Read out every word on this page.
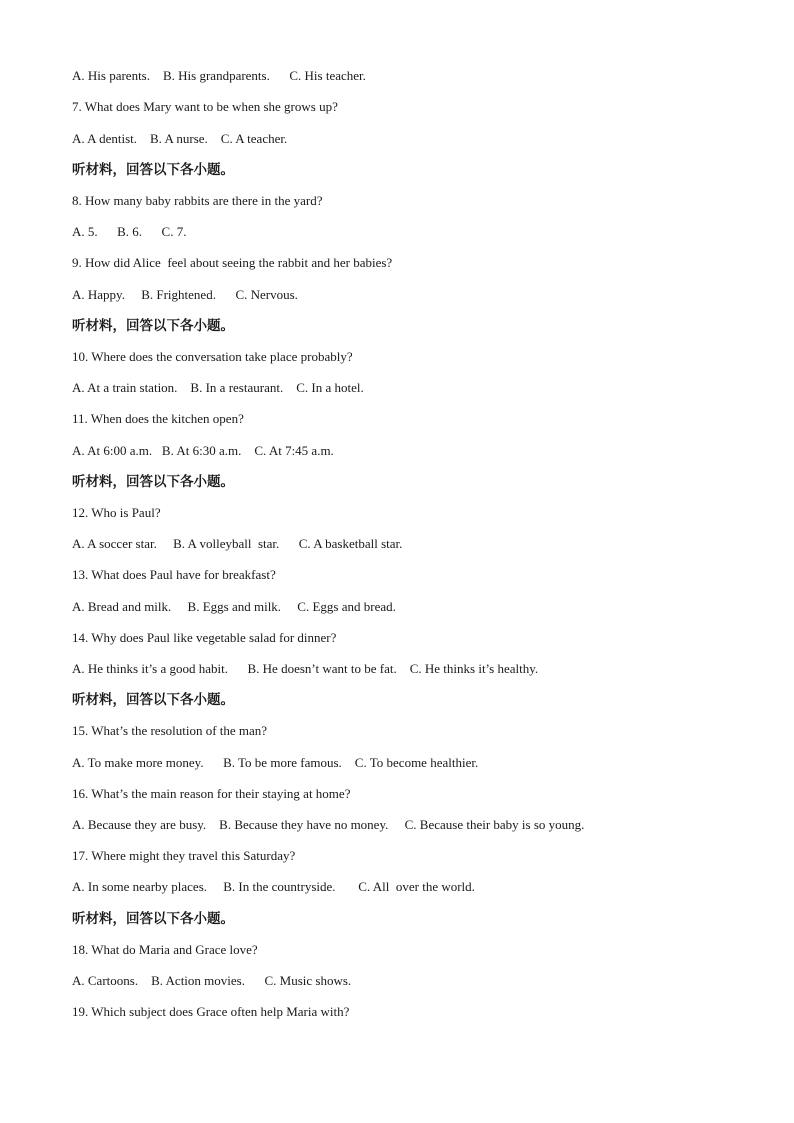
A. His parents.    B. His grandparents.      C. His teacher.
7. What does Mary want to be when she grows up?
A. A dentist.    B. A nurse.    C. A teacher.
听材料，回答以下各小题。
8. How many baby rabbits are there in the yard?
A. 5.      B. 6.      C. 7.
9. How did Alice  feel about seeing the rabbit and her babies?
A. Happy.     B. Frightened.      C. Nervous.
听材料，回答以下各小题。
10. Where does the conversation take place probably?
A. At a train station.    B. In a restaurant.    C. In a hotel.
11. When does the kitchen open?
A. At 6:00 a.m.   B. At 6:30 a.m.    C. At 7:45 a.m.
听材料，回答以下各小题。
12. Who is Paul?
A. A soccer star.     B. A volleyball  star.      C. A basketball star.
13. What does Paul have for breakfast?
A. Bread and milk.     B. Eggs and milk.     C. Eggs and bread.
14. Why does Paul like vegetable salad for dinner?
A. He thinks it’s a good habit.      B. He doesn’t want to be fat.    C. He thinks it’s healthy.
听材料，回答以下各小题。
15. What’s the resolution of the man?
A. To make more money.      B. To be more famous.    C. To become healthier.
16. What’s the main reason for their staying at home?
A. Because they are busy.    B. Because they have no money.     C. Because their baby is so young.
17. Where might they travel this Saturday?
A. In some nearby places.     B. In the countryside.       C. All  over the world.
听材料，回答以下各小题。
18. What do Maria and Grace love?
A. Cartoons.    B. Action movies.      C. Music shows.
19. Which subject does Grace often help Maria with?
